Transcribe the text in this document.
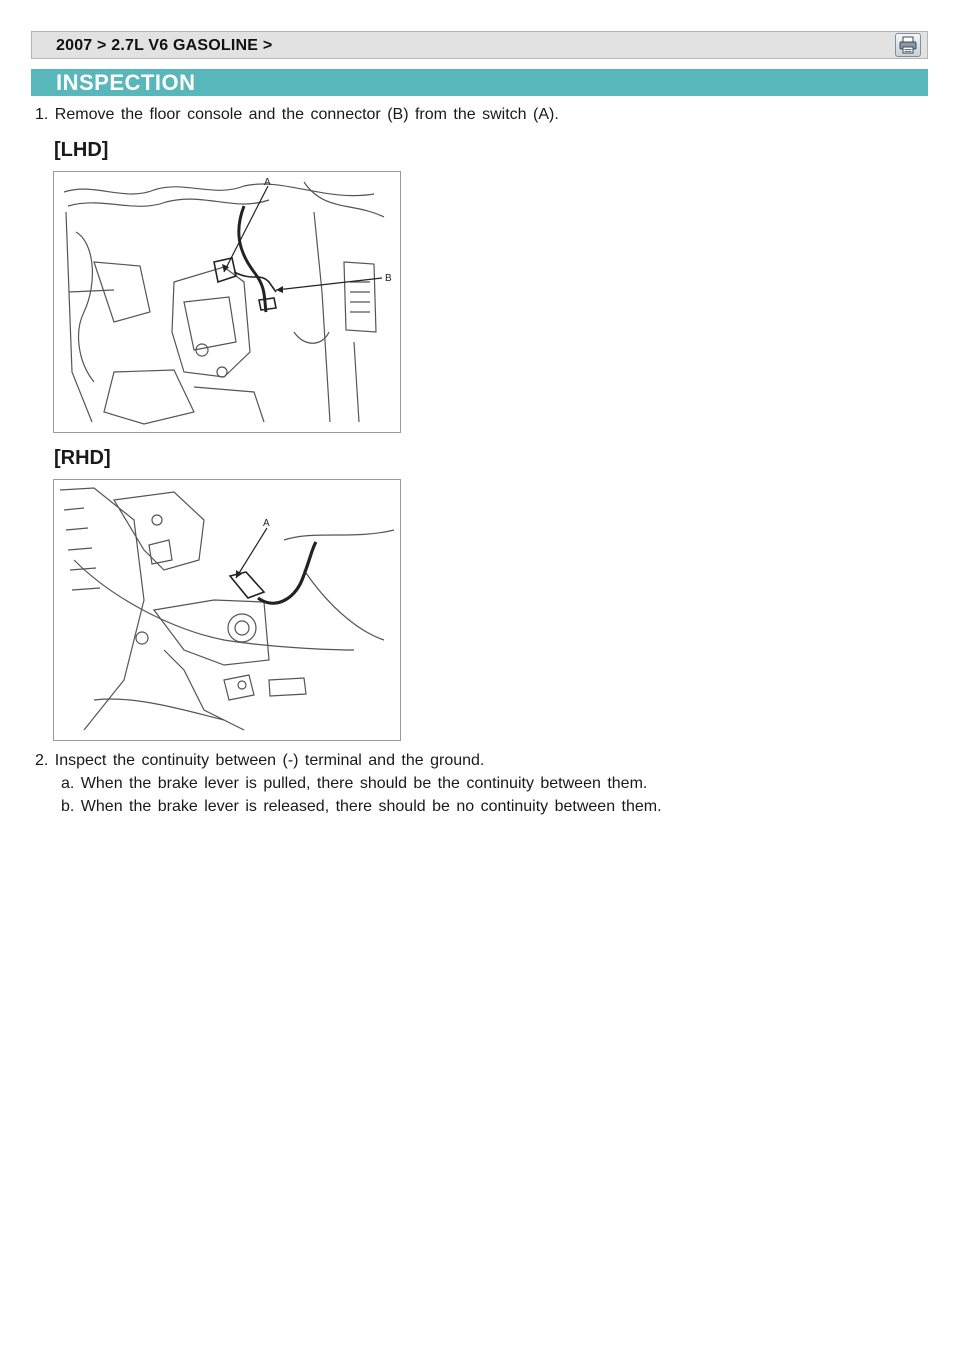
2007 > 2.7L V6 GASOLINE >
INSPECTION
1. Remove the floor console and the connector (B) from the switch (A).
[LHD]
A
B
[RHD]
A
2. Inspect the continuity between (-) terminal and the ground.
a. When the brake lever is pulled, there should be the continuity between them.
b. When the brake lever is released, there should be no continuity between them.
